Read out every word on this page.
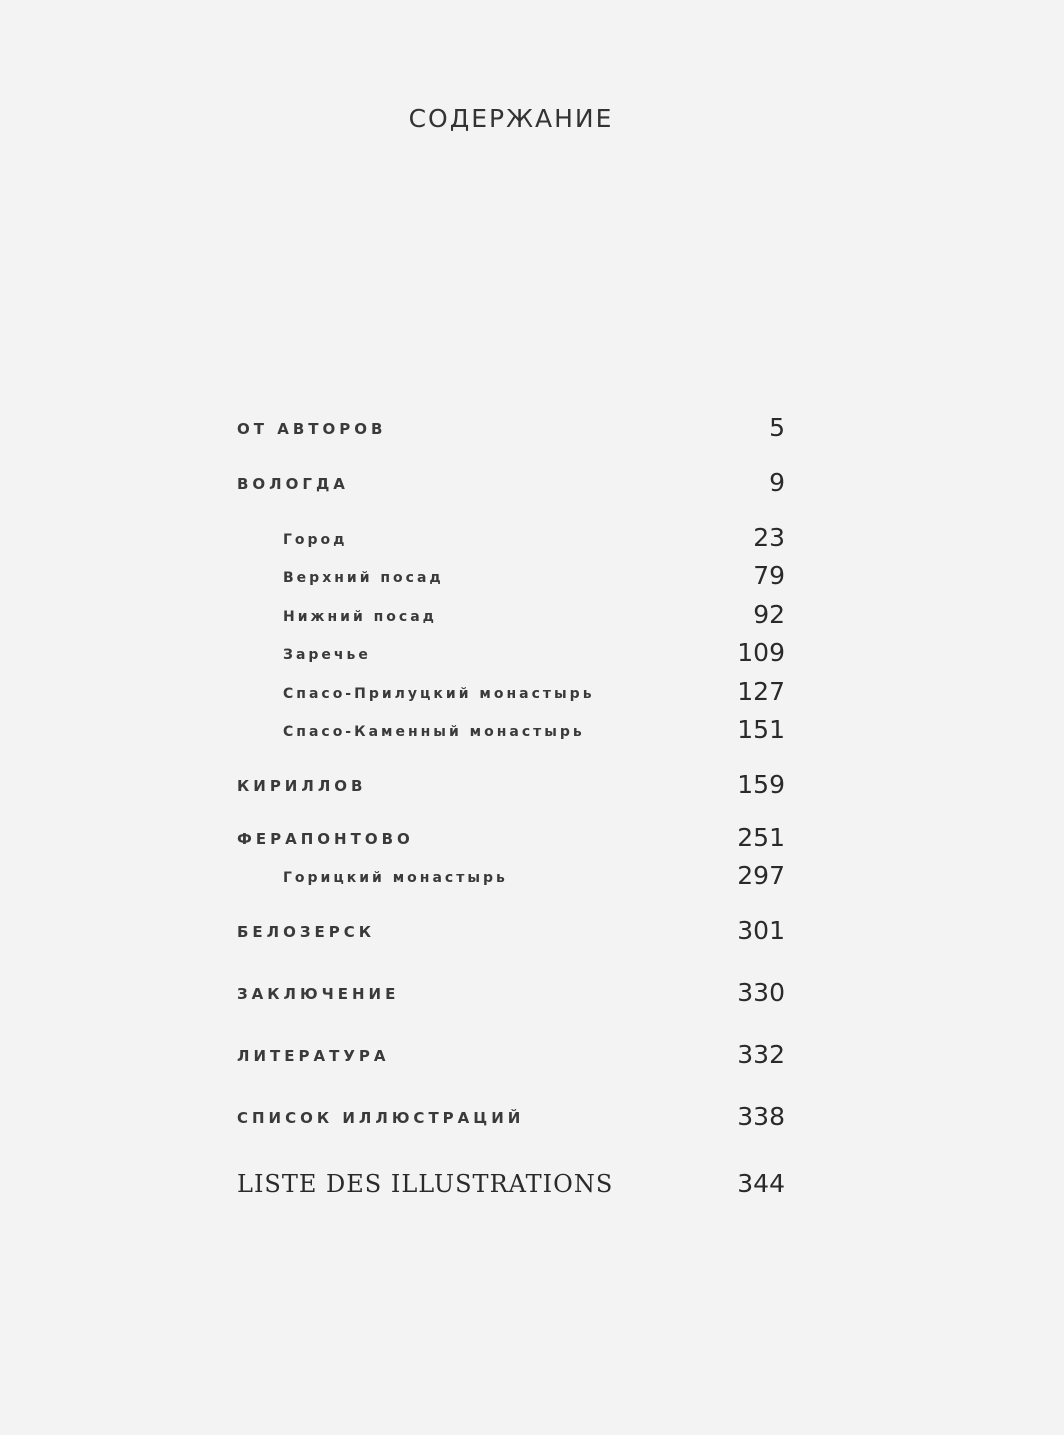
СОДЕРЖАНИЕ
ОТ АВТОРОВ	5
ВОЛОГДА	9
Город	23
Верхний посад	79
Нижний посад	92
Заречье	109
Спасо-Прилуцкий монастырь	127
Спасо-Каменный монастырь	151
КИРИЛЛОВ	159
ФЕРАПОНТОВО	251
Горицкий монастырь	297
БЕЛОЗЕРСК	301
ЗАКЛЮЧЕНИЕ	330
ЛИТЕРАТУРА	332
СПИСОК ИЛЛЮСТРАЦИЙ	338
LISTE DES ILLUSTRATIONS	344
